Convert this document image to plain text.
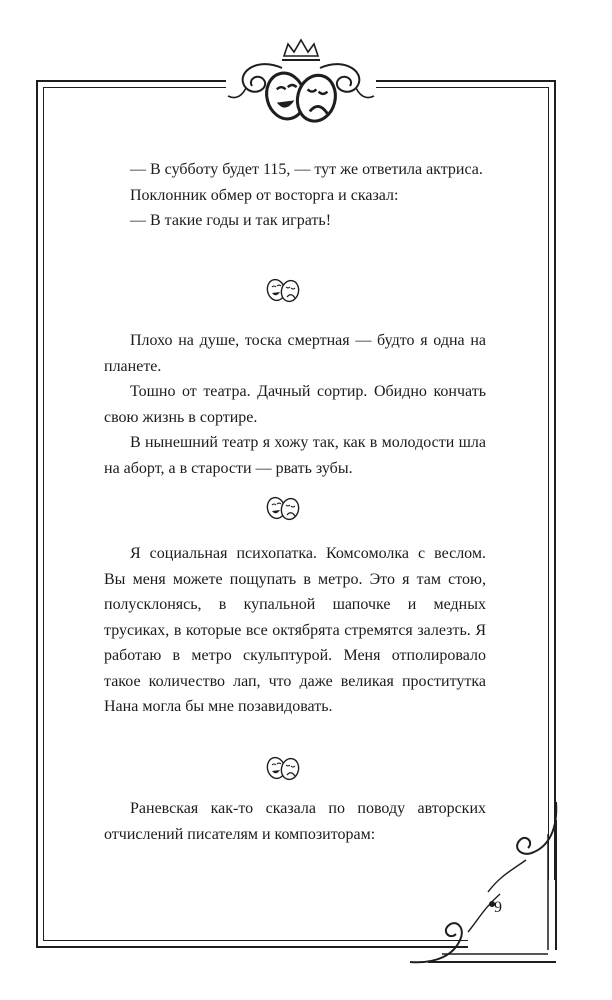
— В субботу будет 115, — тут же ответила актриса.

Поклонник обмер от восторга и сказал:

— В такие годы и так играть!

Плохо на душе, тоска смертная — будто я одна на планете.

Тошно от театра. Дачный сортир. Обидно кончать свою жизнь в сортире.

В нынешний театр я хожу так, как в молодости шла на аборт, а в старости — рвать зубы.

Я социальная психопатка. Комсомолка с веслом. Вы меня можете пощупать в метро. Это я там стою, полусклонясь, в купальной шапочке и медных трусиках, в которые все октябрята стремятся залезть. Я работаю в метро скульптурой. Меня отполировало такое количество лап, что даже великая проститутка Нана могла бы мне позавидовать.

Раневская как-то сказала по поводу авторских отчислений писателям и композиторам:

9
